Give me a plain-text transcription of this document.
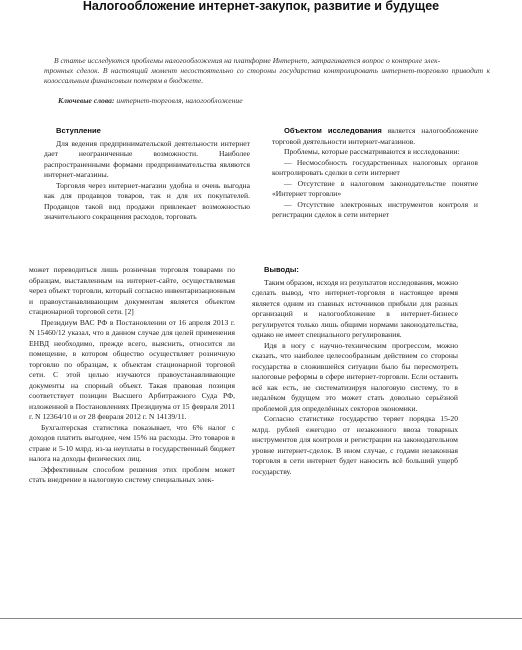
Налогообложение интернет-закупок, развитие и будущее
В статье исследуются проблемы налогообложения на платформе Интернет, затрагивается вопрос о контроле элек-
тронных сделок. В настоящий момент несостоятельно со стороны государства контролировать интернет-торговлю приводит к колоссальным финансовым потерям в бюджете.
Ключевые слова: интернет-торговля, налогообложение
Вступление

Для ведения предпринимательской деятельности интернет дает неограниченные возможности. Наиболее распространенными формами предпринимательства являются интернет-магазины.

Торговля через интернет-магазин удобна и очень выгодна как для продавцов товаров, так и для их покупателей. Продавцов такой вид продажи привлекает возможностью значительного сокращения расходов, торговать

Объектом исследования является налогообложение торговой деятельности интернет-магазинов.

Проблемы, которые рассматриваются в исследовании:

— Несмособность государственных налоговых органов контролировать сделки в сети интернет

— Отсутствие в налоговом законодательстве понятие «Интернет торговли»

— Отсутствие электронных инструментов контроля и регистрации сделок в сети интернет

может переводиться лишь розничная торговля товарами по образцам, выставленным на интернет-сайте, осуществляемая через объект торговли, который согласно инвентаризационным и правоустанавливающим документам является объектом стационарной торговой сети. [2]

Президиум ВАС РФ в Постановлении от 16 апреля 2013 г. N 15460/12 указал, что в данном случае для целей применения ЕНВД необходимо, прежде всего, выяснить, относится ли помещение, в котором общество осуществляет розничную торговлю по образцам, к объектам стационарной торговой сети. С этой целью изучаются правоустанавливающие документы на спорный объект. Такая правовая позиция соответствует позиции Высшего Арбитражного Суда РФ, изложенной в Постановлениях Президиума от 15 февраля 2011 г. N 12364/10 и от 28 февраля 2012 г. N 14139/11.

Бухгалтерская статистика показывает, что 6% налог с доходов платить выгоднее, чем 15% на расходы. Это товаров в стране и 5-10 млрд. из-за неуплаты в государственный бюджет налога на доходы физических лиц.

Эффективным способом решения этих проблем может стать внедрение в налоговую систему специальных элек-

Выводы:

Таким образом, исходя из результатов исследования, можно сделать вывод, что интернет-торговля в настоящее время является одним из главных источников прибыли для разных организаций и налогообложение в интернет-бизнесе регулируется только лишь общими нормами законодательства, однако не имеет специального регулирования.

Идя в ногу с научно-техническим прогрессом, можно сказать, что наиболее целесообразным действием со стороны государства в сложившейся ситуации было бы пересмотреть налоговые реформы в сфере интернет-торговли. Если оставить всё как есть, не систематизируя налоговую систему, то в недалёком будущем это может стать довольно серьёзной проблемой для определённых секторов экономики.

Согласно статистике государство теряет порядка 15-20 млрд. рублей ежегодно от незаконного ввоза товарных инструментов для контроля и регистрации на законодательном уровне интернет-сделок. В ином случае, с годами незаконная торговля в сети интернет будет наносить всё больший ущерб государству.
